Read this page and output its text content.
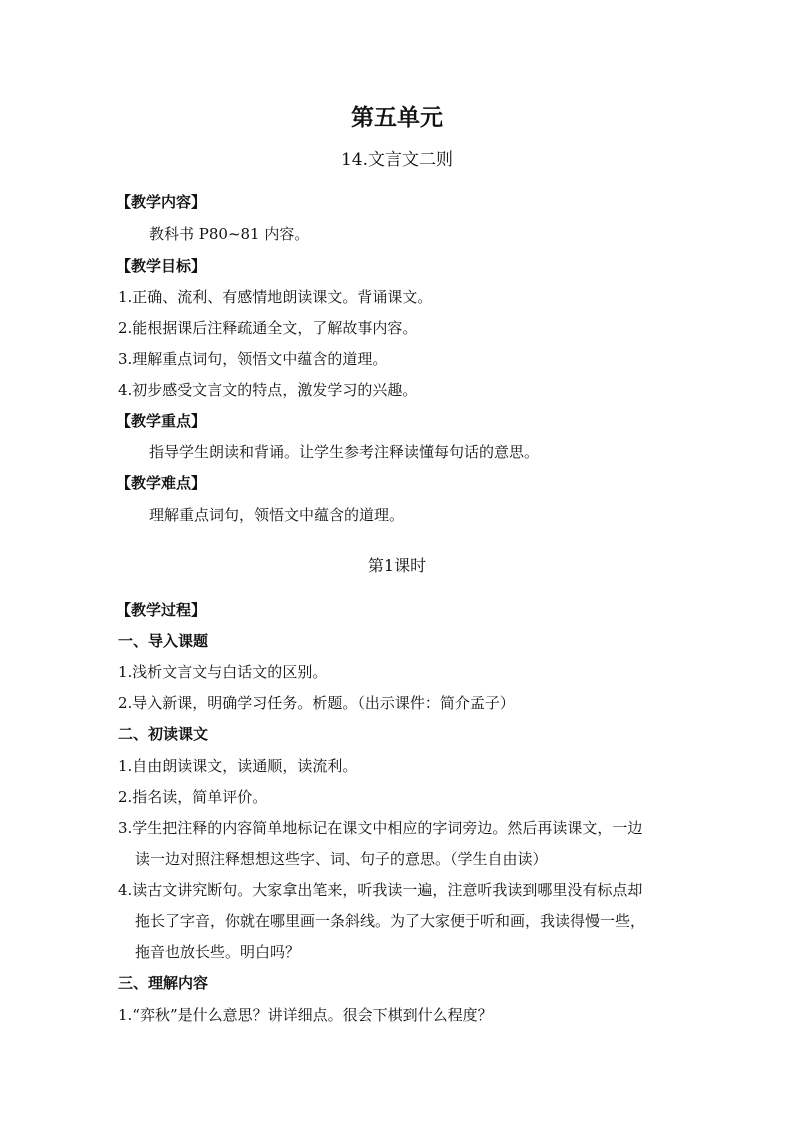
第五单元
14.文言文二则
【教学内容】
教科书 P80~81 内容。
【教学目标】
1.正确、流利、有感情地朗读课文。背诵课文。
2.能根据课后注释疏通全文，了解故事内容。
3.理解重点词句，领悟文中蕴含的道理。
4.初步感受文言文的特点，激发学习的兴趣。
【教学重点】
指导学生朗读和背诵。让学生参考注释读懂每句话的意思。
【教学难点】
理解重点词句，领悟文中蕴含的道理。
第1课时
【教学过程】
一、导入课题
1.浅析文言文与白话文的区别。
2.导入新课，明确学习任务。析题。（出示课件：简介孟子）
二、初读课文
1.自由朗读课文，读通顺，读流利。
2.指名读，简单评价。
3.学生把注释的内容简单地标记在课文中相应的字词旁边。然后再读课文，一边
读一边对照注释想想这些字、词、句子的意思。（学生自由读）
4.读古文讲究断句。大家拿出笔来，听我读一遍，注意听我读到哪里没有标点却
拖长了字音，你就在哪里画一条斜线。为了大家便于听和画，我读得慢一些，
拖音也放长些。明白吗？
三、理解内容
1.“弈秋”是什么意思？讲详细点。很会下棋到什么程度？
